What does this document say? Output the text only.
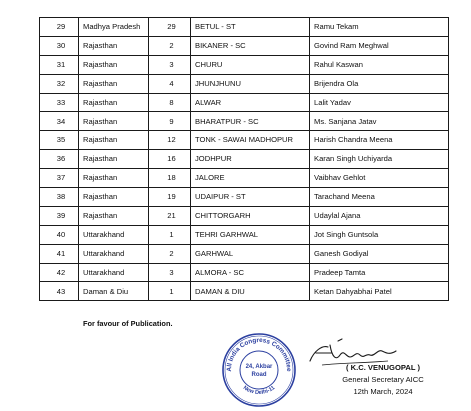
29	Madhya Pradesh	29	BETUL - ST	Ramu Tekam
30	Rajasthan	2	BIKANER - SC	Govind Ram Meghwal
31	Rajasthan	3	CHURU	Rahul Kaswan
32	Rajasthan	4	JHUNJHUNU	Brijendra Ola
33	Rajasthan	8	ALWAR	Lalit Yadav
34	Rajasthan	9	BHARATPUR - SC	Ms. Sanjana Jatav
35	Rajasthan	12	TONK - SAWAI MADHOPUR	Harish Chandra Meena
36	Rajasthan	16	JODHPUR	Karan Singh Uchiyarda
37	Rajasthan	18	JALORE	Vaibhav Gehlot
38	Rajasthan	19	UDAIPUR - ST	Tarachand Meena
39	Rajasthan	21	CHITTORGARH	Udaylal Ajana
40	Uttarakhand	1	TEHRI GARHWAL	Jot Singh Guntsola
41	Uttarakhand	2	GARHWAL	Ganesh Godiyal
42	Uttarakhand	3	ALMORA - SC	Pradeep Tamta
43	Daman & Diu	1	DAMAN & DIU	Ketan Dahyabhai Patel
For favour of Publication.
All India Congress Committee
New Delhi-11
24, Akbar
Road
( K.C. VENUGOPAL )
General Secretary AICC
12th March, 2024
